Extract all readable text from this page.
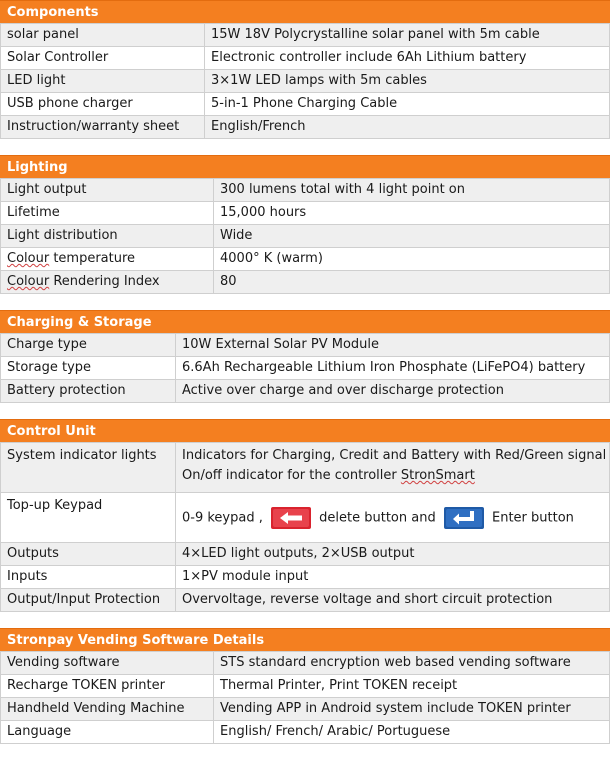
Components
solar panel	15W 18V Polycrystalline solar panel with 5m cable
Solar Controller	Electronic controller include 6Ah Lithium battery
LED light	3×1W LED lamps with 5m cables
USB phone charger	5-in-1 Phone Charging Cable
Instruction/warranty sheet	English/French
Lighting
Light output	300 lumens total with 4 light point on
Lifetime	15,000 hours
Light distribution	Wide
Colour temperature	4000° K (warm)
Colour Rendering Index	80
Charging & Storage
Charge type	10W External Solar PV Module
Storage type	6.6Ah Rechargeable Lithium Iron Phosphate (LiFePO4) battery
Battery protection	Active over charge and over discharge protection
Control Unit
System indicator lights	Indicators for Charging, Credit and Battery with Red/Green signal
On/off indicator for the controller StronSmart

Top-up Keypad	0-9 keypad , delete button and Enter button
Outputs	4×LED light outputs, 2×USB output
Inputs	1×PV module input
Output/Input Protection	Overvoltage, reverse voltage and short circuit protection
Stronpay Vending Software Details
Vending software	STS standard encryption web based vending software
Recharge TOKEN printer	Thermal Printer, Print TOKEN receipt
Handheld Vending Machine	Vending APP in Android system include TOKEN printer
Language	English/ French/ Arabic/ Portuguese
